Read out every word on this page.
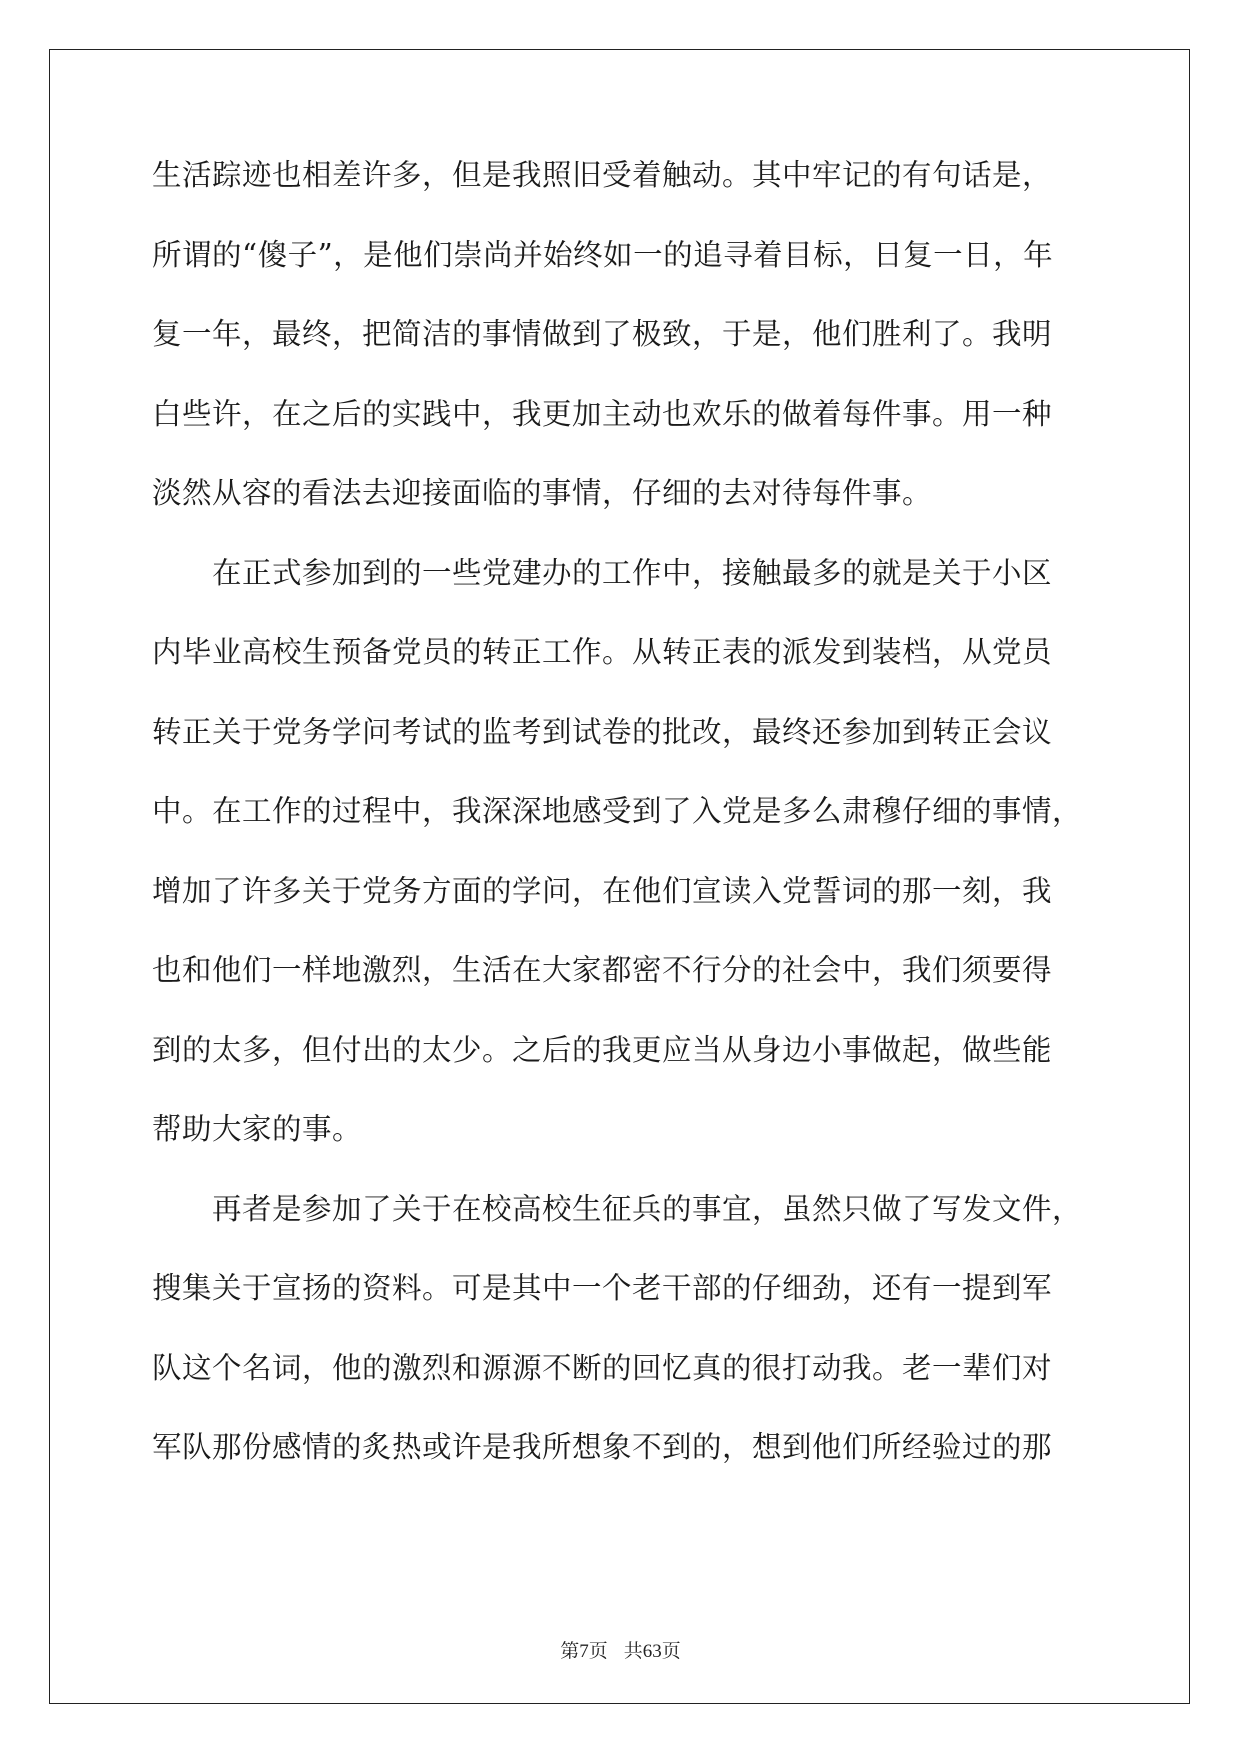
生活踪迹也相差许多，但是我照旧受着触动。其中牢记的有句话是，
所谓的“傻子”，是他们崇尚并始终如一的追寻着目标，日复一日，年
复一年，最终，把简洁的事情做到了极致，于是，他们胜利了。我明
白些许，在之后的实践中，我更加主动也欢乐的做着每件事。用一种
淡然从容的看法去迎接面临的事情，仔细的去对待每件事。
在正式参加到的一些党建办的工作中，接触最多的就是关于小区
内毕业高校生预备党员的转正工作。从转正表的派发到装档，从党员
转正关于党务学问考试的监考到试卷的批改，最终还参加到转正会议
中。在工作的过程中，我深深地感受到了入党是多么肃穆仔细的事情，
增加了许多关于党务方面的学问，在他们宣读入党誓词的那一刻，我
也和他们一样地激烈，生活在大家都密不行分的社会中，我们须要得
到的太多，但付出的太少。之后的我更应当从身边小事做起，做些能
帮助大家的事。
再者是参加了关于在校高校生征兵的事宜，虽然只做了写发文件，
搜集关于宣扬的资料。可是其中一个老干部的仔细劲，还有一提到军
队这个名词，他的激烈和源源不断的回忆真的很打动我。老一辈们对
军队那份感情的炙热或许是我所想象不到的，想到他们所经验过的那
第7页 共63页
